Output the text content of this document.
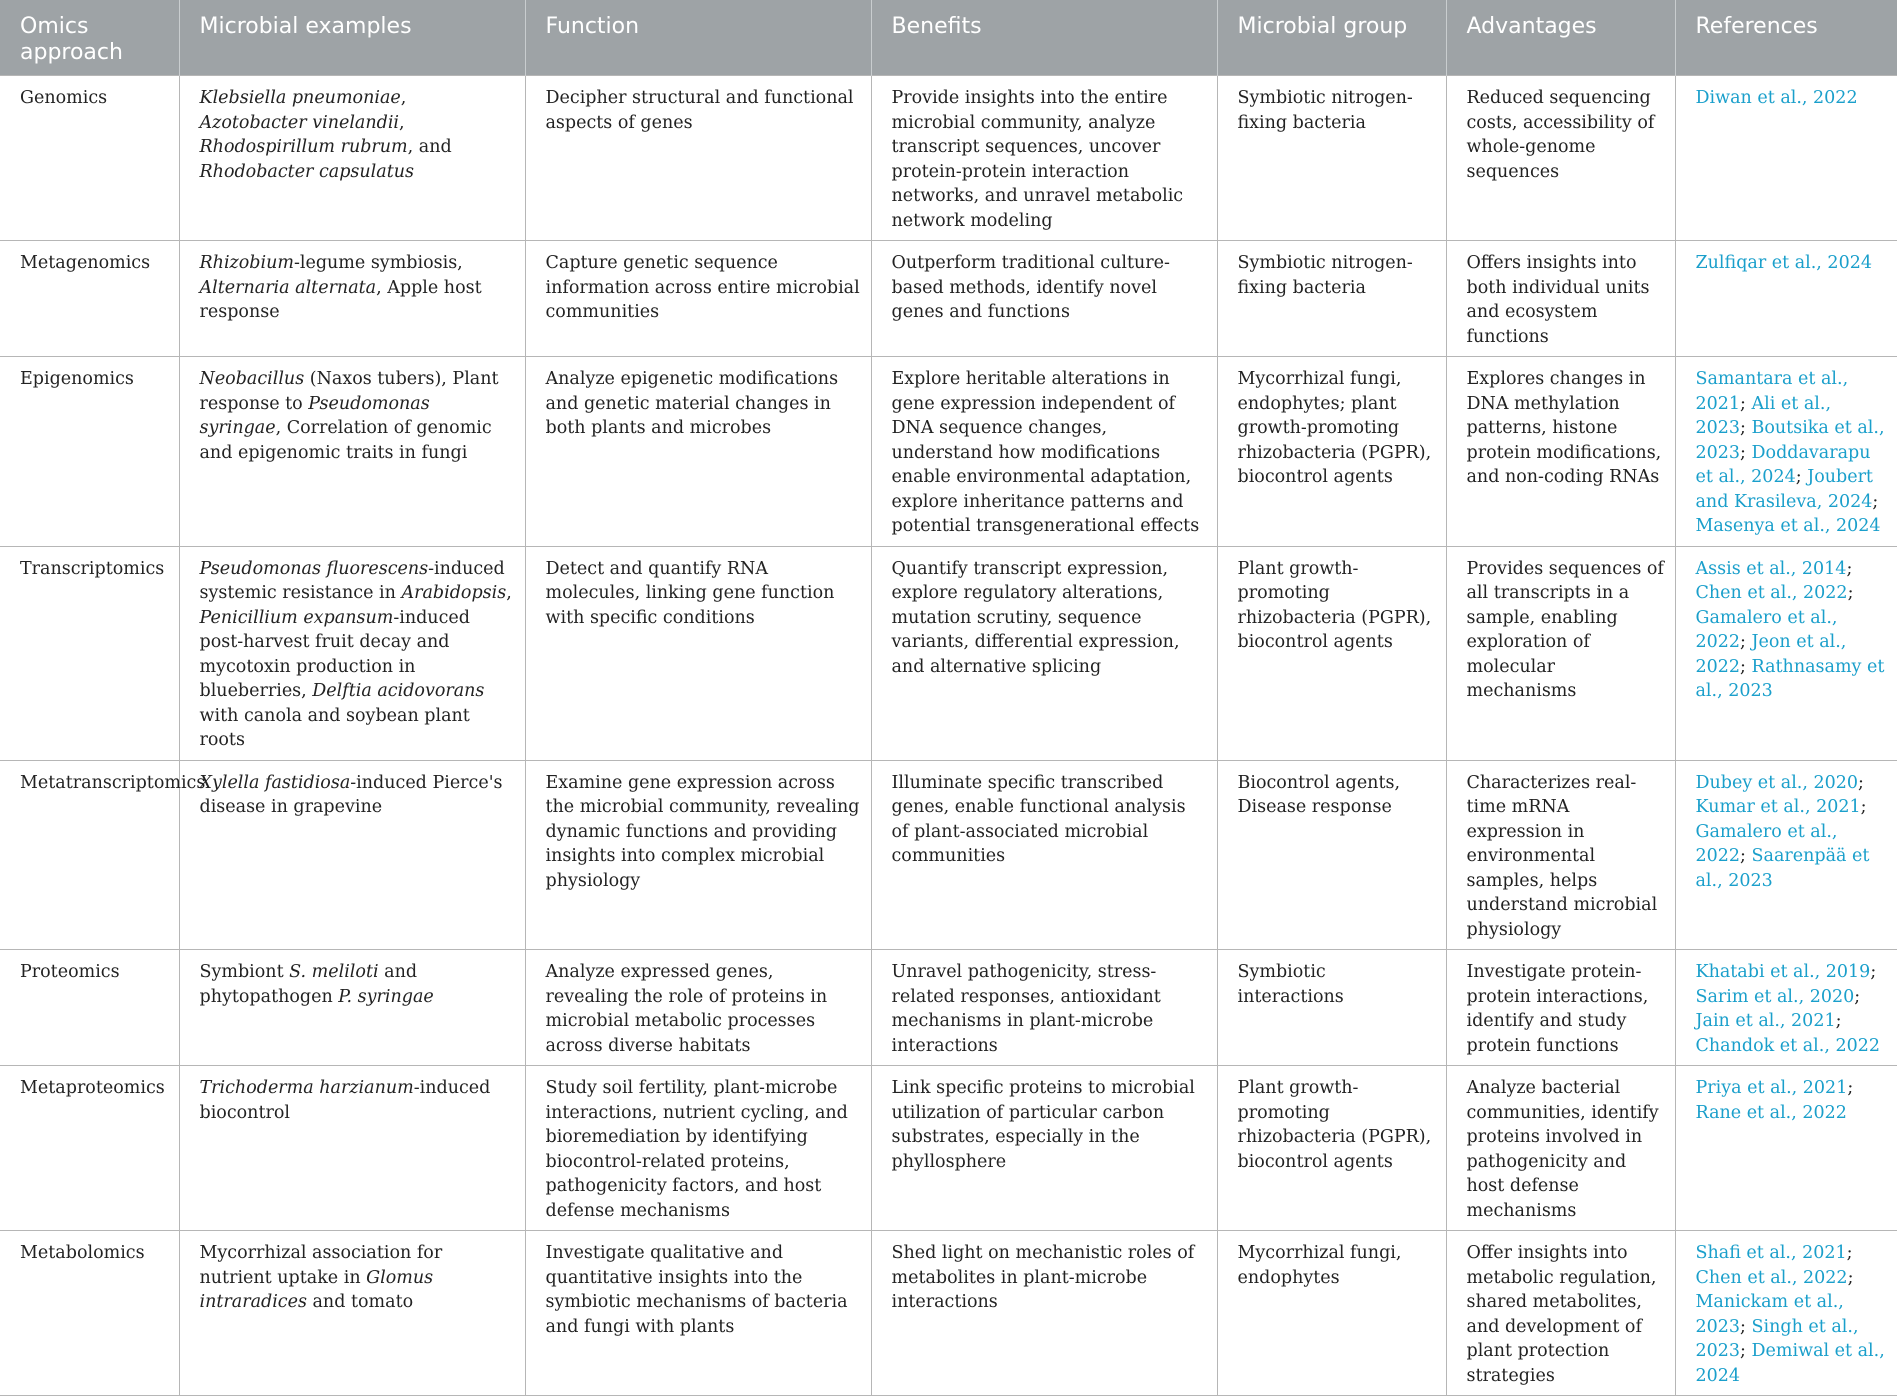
Omics approach	Microbial examples	Function	Benefits	Microbial group	Advantages	References
Genomics	Klebsiella pneumoniae, Azotobacter vinelandii, Rhodospirillum rubrum, and Rhodobacter capsulatus	Decipher structural and functional aspects of genes	Provide insights into the entire microbial community, analyze transcript sequences, uncover protein-protein interaction networks, and unravel metabolic network modeling	Symbiotic nitrogen-fixing bacteria	Reduced sequencing costs, accessibility of whole-genome sequences	Diwan et al., 2022
Metagenomics	Rhizobium-legume symbiosis, Alternaria alternata, Apple host response	Capture genetic sequence information across entire microbial communities	Outperform traditional culture-based methods, identify novel genes and functions	Symbiotic nitrogen-fixing bacteria	Offers insights into both individual units and ecosystem functions	Zulfiqar et al., 2024
Epigenomics	Neobacillus (Naxos tubers), Plant response to Pseudomonas syringae, Correlation of genomic and epigenomic traits in fungi	Analyze epigenetic modifications and genetic material changes in both plants and microbes	Explore heritable alterations in gene expression independent of DNA sequence changes, understand how modifications enable environmental adaptation, explore inheritance patterns and potential transgenerational effects	Mycorrhizal fungi, endophytes; plant growth-promoting rhizobacteria (PGPR), biocontrol agents	Explores changes in DNA methylation patterns, histone protein modifications, and non-coding RNAs	Samantara et al., 2021; Ali et al., 2023; Boutsika et al., 2023; Doddavarapu et al., 2024; Joubert and Krasileva, 2024; Masenya et al., 2024
Transcriptomics	Pseudomonas fluorescens-induced systemic resistance in Arabidopsis, Penicillium expansum-induced post-harvest fruit decay and mycotoxin production in blueberries, Delftia acidovorans with canola and soybean plant roots	Detect and quantify RNA molecules, linking gene function with specific conditions	Quantify transcript expression, explore regulatory alterations, mutation scrutiny, sequence variants, differential expression, and alternative splicing	Plant growth-promoting rhizobacteria (PGPR), biocontrol agents	Provides sequences of all transcripts in a sample, enabling exploration of molecular mechanisms	Assis et al., 2014; Chen et al., 2022; Gamalero et al., 2022; Jeon et al., 2022; Rathnasamy et al., 2023
Metatranscriptomics	Xylella fastidiosa-induced Pierce's disease in grapevine	Examine gene expression across the microbial community, revealing dynamic functions and providing insights into complex microbial physiology	Illuminate specific transcribed genes, enable functional analysis of plant-associated microbial communities	Biocontrol agents, Disease response	Characterizes real-time mRNA expression in environmental samples, helps understand microbial physiology	Dubey et al., 2020; Kumar et al., 2021; Gamalero et al., 2022; Saarenpää et al., 2023
Proteomics	Symbiont S. meliloti and phytopathogen P. syringae	Analyze expressed genes, revealing the role of proteins in microbial metabolic processes across diverse habitats	Unravel pathogenicity, stress-related responses, antioxidant mechanisms in plant-microbe interactions	Symbiotic interactions	Investigate protein-protein interactions, identify and study protein functions	Khatabi et al., 2019; Sarim et al., 2020; Jain et al., 2021; Chandok et al., 2022
Metaproteomics	Trichoderma harzianum-induced biocontrol	Study soil fertility, plant-microbe interactions, nutrient cycling, and bioremediation by identifying biocontrol-related proteins, pathogenicity factors, and host defense mechanisms	Link specific proteins to microbial utilization of particular carbon substrates, especially in the phyllosphere	Plant growth-promoting rhizobacteria (PGPR), biocontrol agents	Analyze bacterial communities, identify proteins involved in pathogenicity and host defense mechanisms	Priya et al., 2021; Rane et al., 2022
Metabolomics	Mycorrhizal association for nutrient uptake in Glomus intraradices and tomato	Investigate qualitative and quantitative insights into the symbiotic mechanisms of bacteria and fungi with plants	Shed light on mechanistic roles of metabolites in plant-microbe interactions	Mycorrhizal fungi, endophytes	Offer insights into metabolic regulation, shared metabolites, and development of plant protection strategies	Shafi et al., 2021; Chen et al., 2022; Manickam et al., 2023; Singh et al., 2023; Demiwal et al., 2024
